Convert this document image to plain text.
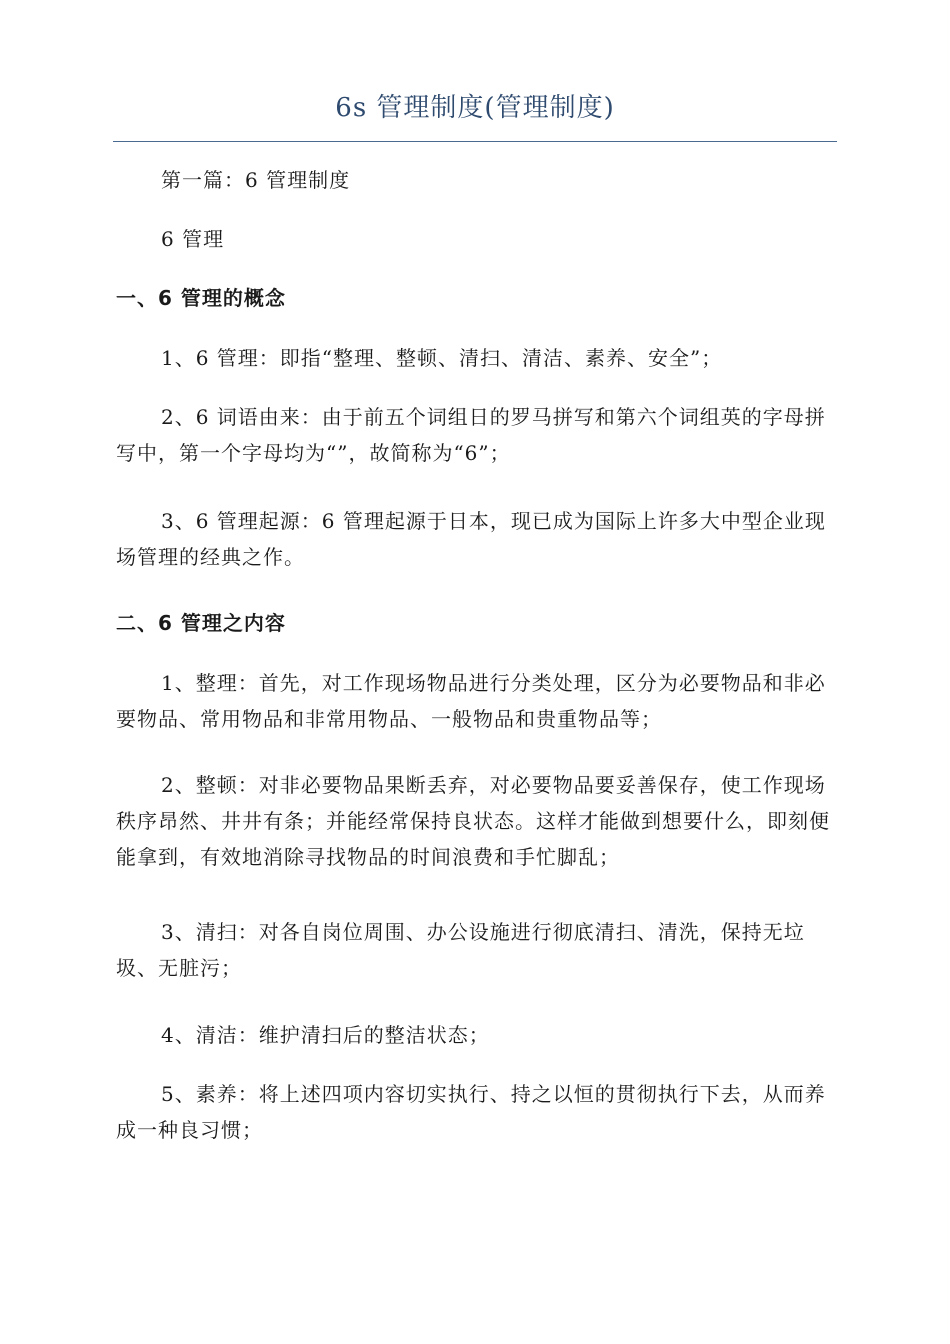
6s 管理制度(管理制度)

第一篇：6 管理制度

6 管理

一、6 管理的概念

1、6 管理：即指“整理、整顿、清扫、清洁、素养、安全”；

2、6 词语由来：由于前五个词组日的罗马拼写和第六个词组英的字母拼写中，第一个字母均为“”，故简称为“6”；

3、6 管理起源：6 管理起源于日本，现已成为国际上许多大中型企业现场管理的经典之作。

二、6 管理之内容

1、整理：首先，对工作现场物品进行分类处理，区分为必要物品和非必要物品、常用物品和非常用物品、一般物品和贵重物品等；

2、整顿：对非必要物品果断丢弃，对必要物品要妥善保存，使工作现场秩序昂然、井井有条；并能经常保持良状态。这样才能做到想要什么，即刻便能拿到，有效地消除寻找物品的时间浪费和手忙脚乱；

3、清扫：对各自岗位周围、办公设施进行彻底清扫、清洗，保持无垃圾、无脏污；

4、清洁：维护清扫后的整洁状态；

5、素养：将上述四项内容切实执行、持之以恒的贯彻执行下去，从而养成一种良习惯；
